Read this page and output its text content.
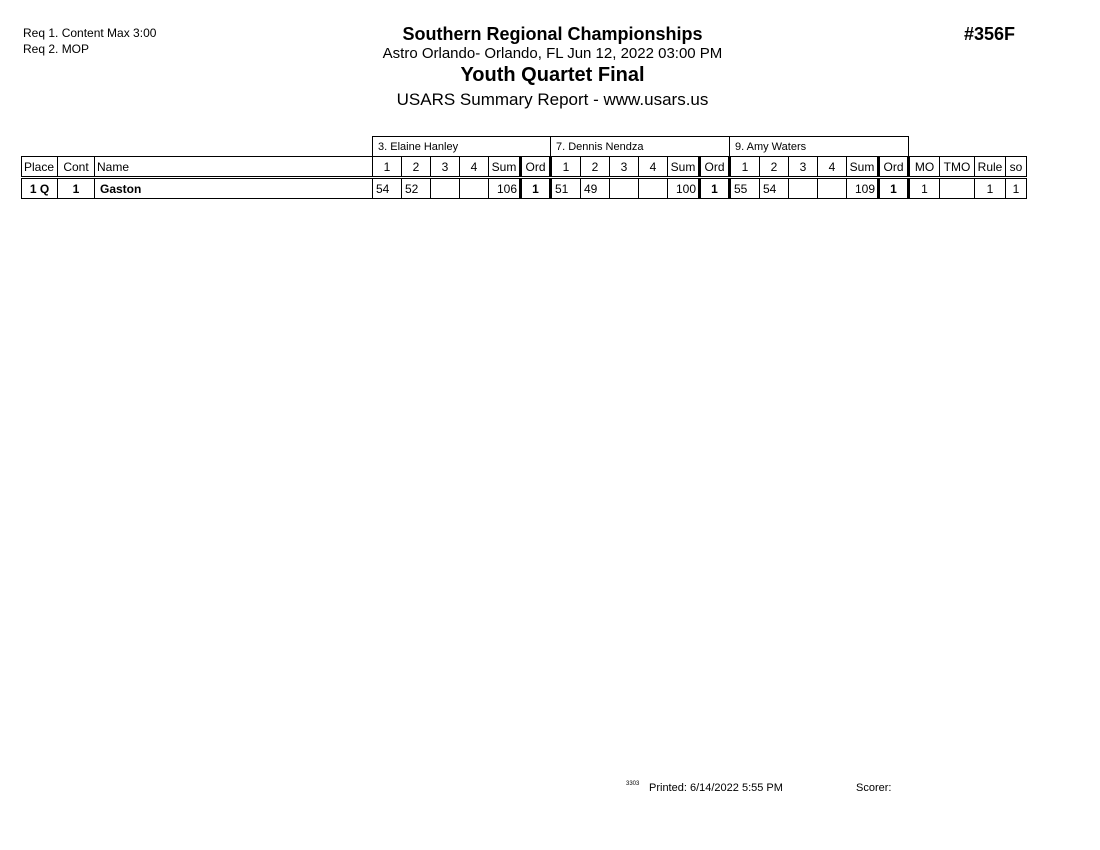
Req 1. Content Max 3:00
Req 2. MOP
Southern Regional Championships
Astro Orlando- Orlando, FL Jun 12, 2022 03:00 PM
Youth Quartet Final
USARS Summary Report - www.usars.us
#356F
			3. Elaine Hanley						7. Dennis Nendza						9. Amy Waters									
Place	Cont	Name	1	2	3	4	Sum	Ord	1	2	3	4	Sum	Ord	1	2	3	4	Sum	Ord	MO	TMO	Rule	so
1 Q	1	Gaston	54	52			106	1	51	49			100	1	55	54			109	1	1		1	1
3303 Printed: 6/14/2022 5:55 PM	Scorer:
